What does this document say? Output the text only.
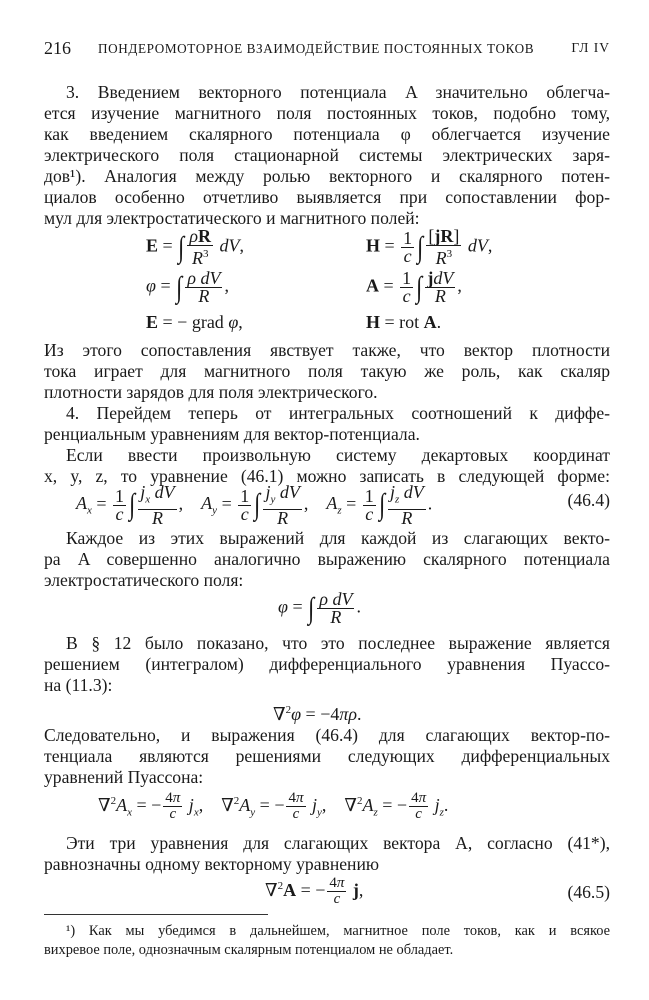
216 ПОНДЕРОМОТОРНОЕ ВЗАИМОДЕЙСТВИЕ ПОСТОЯННЫХ ТОКОВ	ГЛ IV
3. Введением векторного потенциала A значительно облегча-
ется изучение магнитного поля постоянных токов, подобно тому,
как введением скалярного потенциала φ облегчается изучение
электрического поля стационарной системы электрических заря-
дов¹). Аналогия между ролью векторного и скалярного потен-
циалов особенно отчетливо выявляется при сопоставлении фор-
мул для электростатического и магнитного полей:
E = ∫ $\frac{\rho R}{R^3}$ dV,	$H = \frac{1}{c}$ ∫ $\frac{[jR]}{R^3}$ dV,
φ = ∫ $\frac{\text{ρ dV}}{R}$ ,	$A = \frac{1}{c}$ ∫ $\frac{\text{jdV}}{R}$ ,
E = − grad φ,	H = rot A.
Из этого сопоставления явствует также, что вектор плотности
тока играет для магнитного поля такую же роль, как скаляр
плотности зарядов для поля электрического.
4. Перейдем теперь от интегральных соотношений к диффе-
ренциальным уравнениям для вектор-потенциала.
Если ввести произвольную систему декартовых координат
x, y, z, то уравнение (46.1) можно записать в следующей форме:
$A_x = \frac{1}{c}$ ∫ $\frac{j_x dV}{R}$ ,    $A_y = \frac{1}{c}$ ∫ $\frac{j_y dV}{R}$ ,    $A_z = \frac{1}{c}$ ∫ $\frac{j_z dV}{R}$ .	(46.4)
Каждое из этих выражений для каждой из слагающих векто-
ра A совершенно аналогично выражению скалярного потенциала
электростатического поля:
φ = ∫ $\frac{\text{ρ dV}}{R}$ .
В § 12 было показано, что это последнее выражение является
решением (интегралом) дифференциального уравнения Пуассо-
на (11.3):
∇$^2$φ = −4πρ.
Следовательно, и выражения (46.4) для слагающих вектор-по-
тенциала являются решениями следующих дифференциальных
уравнений Пуассона:
$\nabla^2A_x$ = − $\frac{4\pi}{c} j_x$,    $\nabla^2A_y$ = − $\frac{4\pi}{c} j_y$,    $\nabla^2A_z$ = − $\frac{4\pi}{c} j_z$.
Эти три уравнения для слагающих вектора A, согласно (41*),
равнозначны одному векторному уравнению
∇$^2$A = − $\frac{4\pi}{c} j$,	(46.5)
¹) Как мы убедимся в дальнейшем, магнитное поле токов, как и всякое
вихревое поле, однозначным скалярным потенциалом не обладает.
